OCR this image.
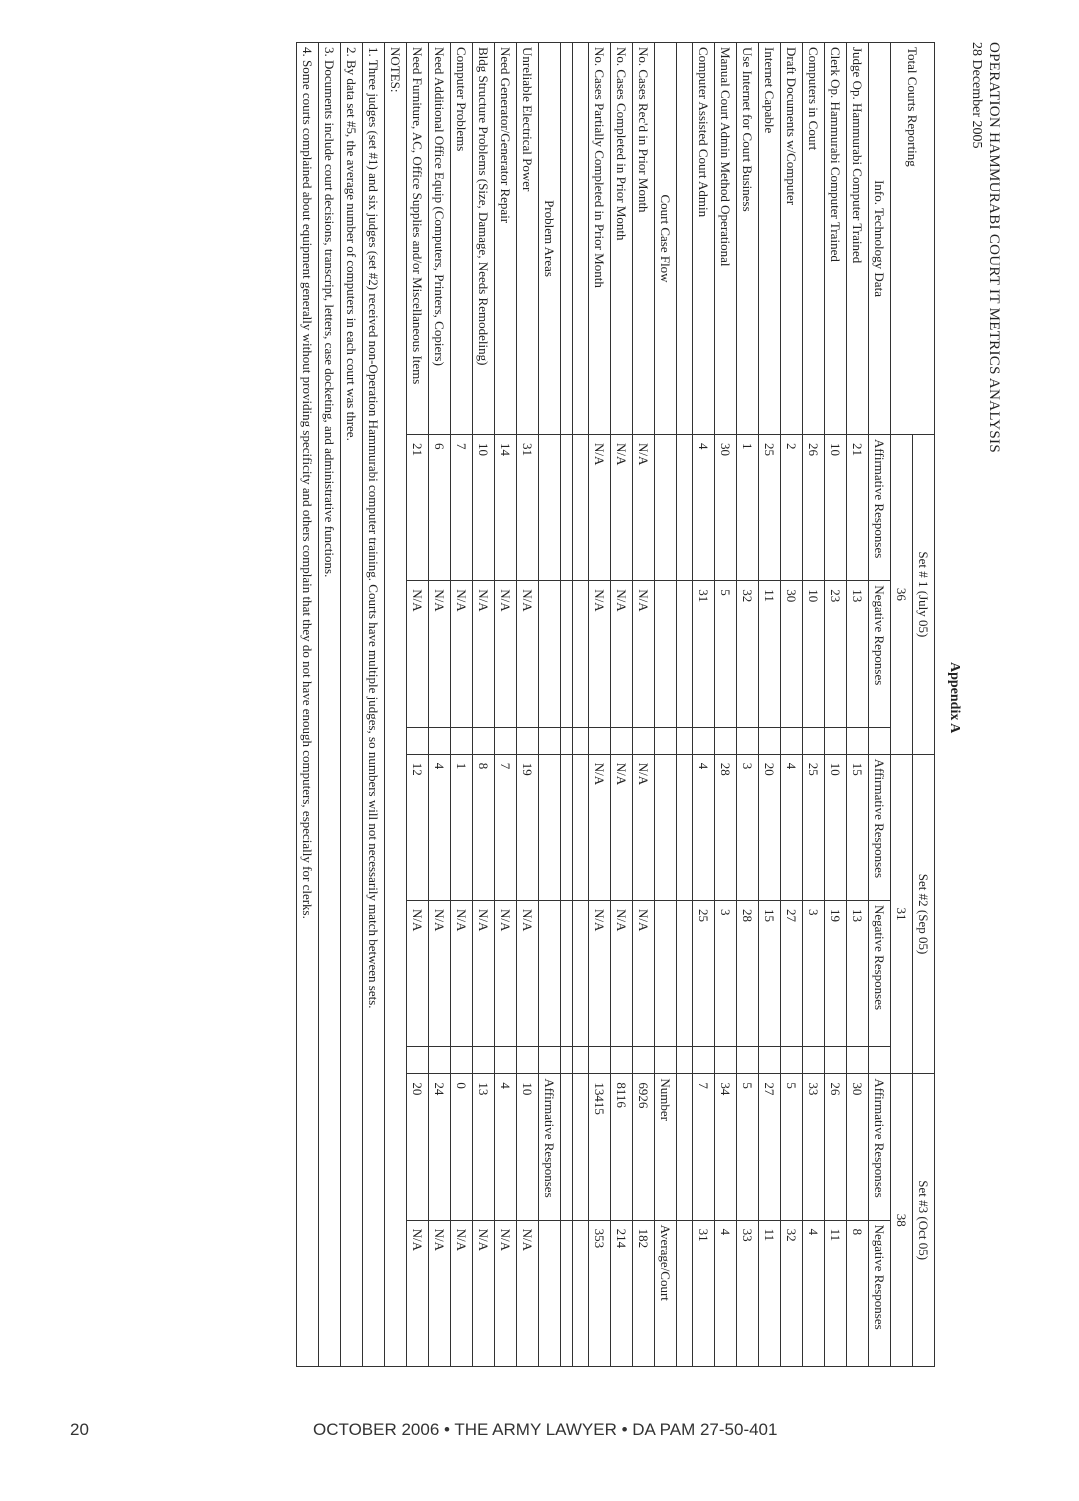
OPERATION HAMMURABI COURT IT METRICS ANALYSIS
28 December 2005
Appendix A
Total Courts Reporting	Set # 1 (July 05)			Set #2 (Sep 05)			Set #3 (Oct 05)	
	36			31			38	
Info. Technology Data	Affirmative Responses	Negative Reponses		Affirmative Responses	Negative Responses		Affirmative Responses	Negative Responses
Judge Op. Hammurabi Computer Trained	21	13		15	13		30	8
Clerk Op. Hammurabi Computer Trained	10	23		10	19		26	11
Computers in Court	26	10		25	3		33	4
Draft Documents w/Computer	2	30		4	27		5	32
Internet Capable	25	11		20	15		27	11
Use Internet for Court Business	1	32		3	28		5	33
Manual Court Admin Method Operational	30	5		28	3		34	4
Computer Assisted Court Admin	4	31		4	25		7	31

Court Case Flow							Number	Average/Court
No. Cases Rec'd in Prior Month	N/A	N/A		N/A	N/A		6926	182
No. Cases Completed in Prior Month	N/A	N/A		N/A	N/A		8116	214
No. Cases Partially Completed in Prior Month	N/A	N/A		N/A	N/A		13415	353

Problem Areas							Affirmative Responses	
Unreliable Electrical Power	31	N/A		19	N/A		10	N/A
Need Generator/Generator Repair	14	N/A		7	N/A		4	N/A
Bldg Structure Problems (Size, Damage, Needs Remodeling)	10	N/A		8	N/A		13	N/A
Computer Problems	7	N/A		1	N/A		0	N/A
Need Additional Office Equip (Computers, Printers, Copiers)	6	N/A		4	N/A		24	N/A
Need Furniture, AC, Office Supplies and/or Miscellaneous Items	21	N/A		12	N/A		20	N/A
NOTES:								
1. Three judges (set #1) and six judges (set #2) received non-Operation Hammurabi computer training. Courts have multiple judges, so numbers will not necessarily match between sets.								
2. By data set #5, the average number of computers in each court was three.								
3. Documents include court decisions, transcript, letters, case docketing, and administrative functions.								
4. Some courts complained about equipment generally without providing specificity and others complain that they do not have enough computers, especially for clerks.								
20	OCTOBER 2006 • THE ARMY LAWYER • DA PAM 27-50-401
